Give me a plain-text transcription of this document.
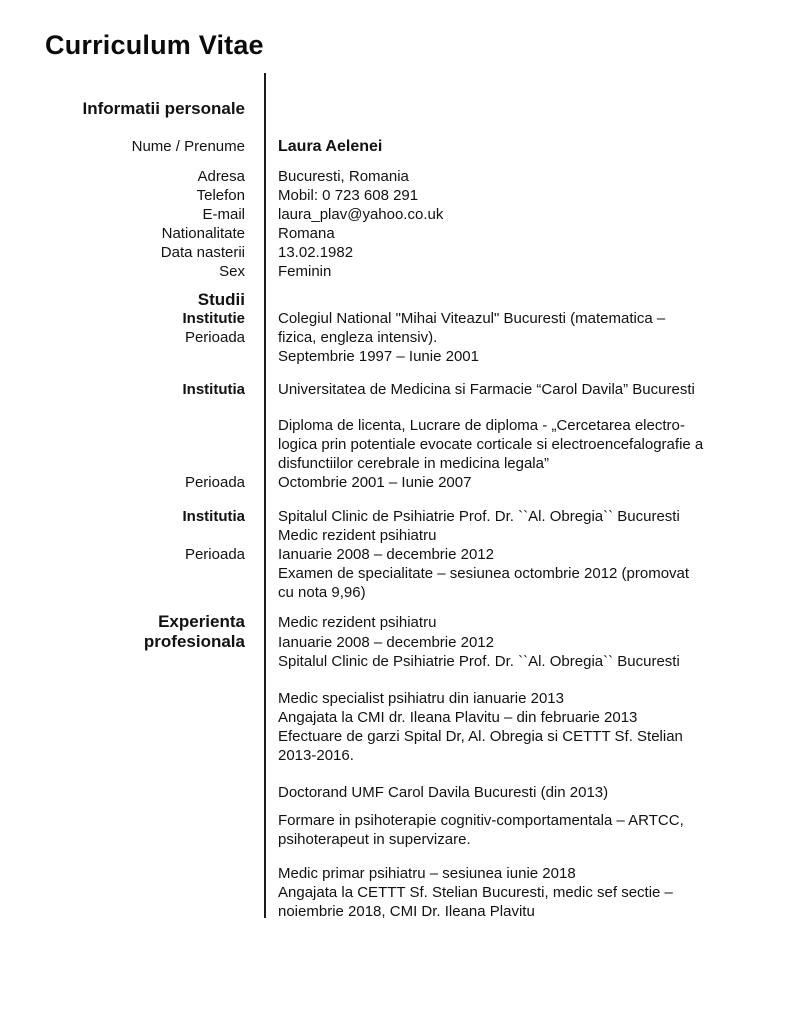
Curriculum Vitae
Informatii personale
Nume / Prenume Laura Aelenei
Adresa Bucuresti, Romania
Telefon Mobil: 0 723 608 291
E-mail laura_plav@yahoo.co.uk
Nationalitate Romana
Data nasterii 13.02.1982
Sex Feminin
Studii
Institutie Colegiul National "Mihai Viteazul" Bucuresti (matematica –
Perioada fizica, engleza intensiv).
Septembrie 1997 – Iunie 2001
Institutia Universitatea de Medicina si Farmacie “Carol Davila” Bucuresti
Diploma de licenta, Lucrare de diploma - „Cercetarea electro-
logica prin potentiale evocate corticale si electroencefalografie a
disfunctiilor cerebrale in medicina legala”
Perioada Octombrie 2001 – Iunie 2007
Institutia Spitalul Clinic de Psihiatrie Prof. Dr. ``Al. Obregia`` Bucuresti
Medic rezident psihiatru
Perioada Ianuarie 2008 – decembrie 2012
Examen de specialitate – sesiunea octombrie 2012 (promovat
cu nota 9,96)
Experienta Medic rezident psihiatru
profesionala Ianuarie 2008 – decembrie 2012
Spitalul Clinic de Psihiatrie Prof. Dr. ``Al. Obregia`` Bucuresti
Medic specialist psihiatru din ianuarie 2013
Angajata la CMI dr. Ileana Plavitu – din februarie 2013
Efectuare de garzi Spital Dr, Al. Obregia si CETTT Sf. Stelian
2013-2016.
Doctorand UMF Carol Davila Bucuresti (din 2013)
Formare in psihoterapie cognitiv-comportamentala – ARTCC,
psihoterapeut in supervizare.
Medic primar psihiatru – sesiunea iunie 2018
Angajata la CETTT Sf. Stelian Bucuresti, medic sef sectie –
noiembrie 2018, CMI Dr. Ileana Plavitu
